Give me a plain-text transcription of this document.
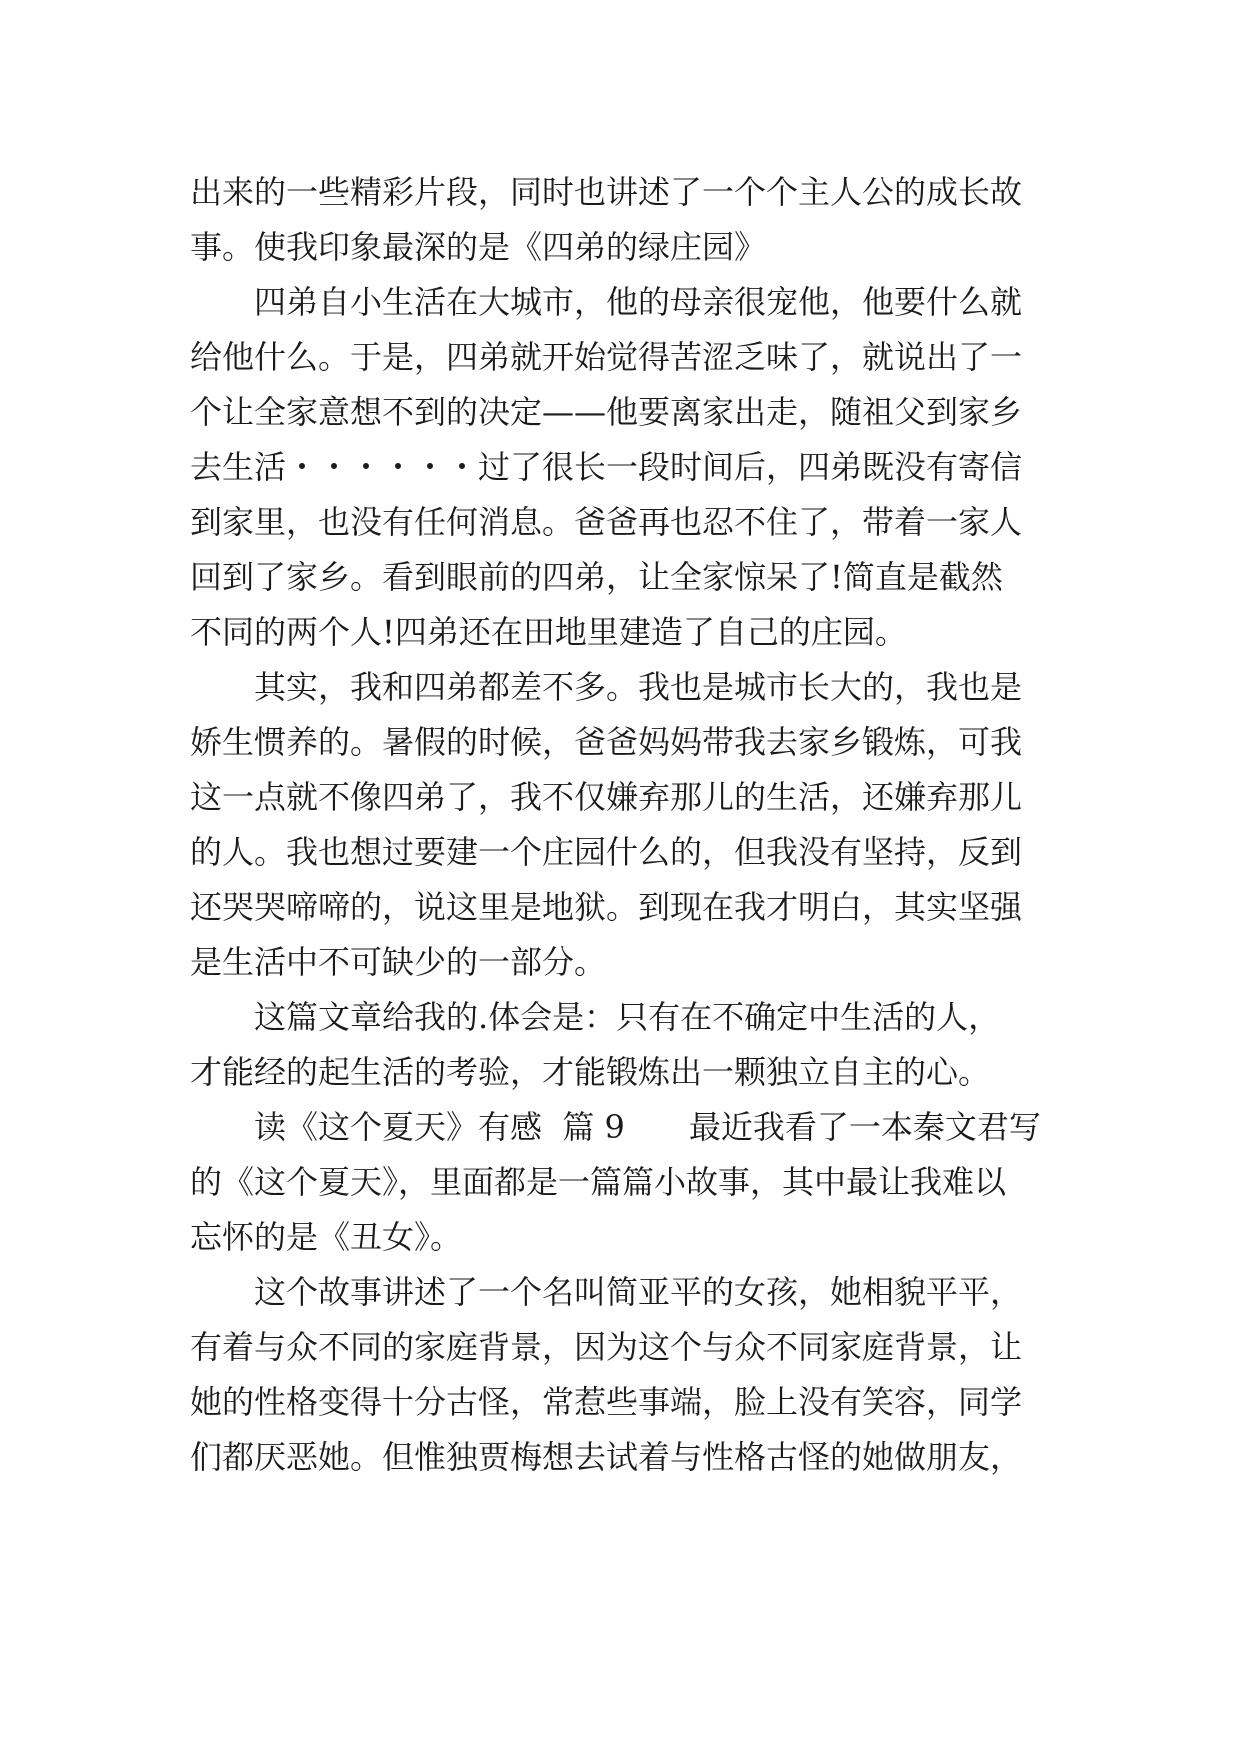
出来的一些精彩片段，同时也讲述了一个个主人公的成长故
事。使我印象最深的是《四弟的绿庄园》
　　四弟自小生活在大城市，他的母亲很宠他，他要什么就
给他什么。于是，四弟就开始觉得苦涩乏味了，就说出了一
个让全家意想不到的决定——他要离家出走，随祖父到家乡
去生活・・・・・・过了很长一段时间后，四弟既没有寄信
到家里，也没有任何消息。爸爸再也忍不住了，带着一家人
回到了家乡。看到眼前的四弟，让全家惊呆了!简直是截然
不同的两个人!四弟还在田地里建造了自己的庄园。
　　其实，我和四弟都差不多。我也是城市长大的，我也是
娇生惯养的。暑假的时候，爸爸妈妈带我去家乡锻炼，可我
这一点就不像四弟了，我不仅嫌弃那儿的生活，还嫌弃那儿
的人。我也想过要建一个庄园什么的，但我没有坚持，反到
还哭哭啼啼的，说这里是地狱。到现在我才明白，其实坚强
是生活中不可缺少的一部分。
　　这篇文章给我的.体会是：只有在不确定中生活的人，
才能经的起生活的考验，才能锻炼出一颗独立自主的心。
　　读《这个夏天》有感  篇 9　　最近我看了一本秦文君写
的《这个夏天》，里面都是一篇篇小故事，其中最让我难以
忘怀的是《丑女》。
　　这个故事讲述了一个名叫简亚平的女孩，她相貌平平，
有着与众不同的家庭背景，因为这个与众不同家庭背景，让
她的性格变得十分古怪，常惹些事端，脸上没有笑容，同学
们都厌恶她。但惟独贾梅想去试着与性格古怪的她做朋友，
